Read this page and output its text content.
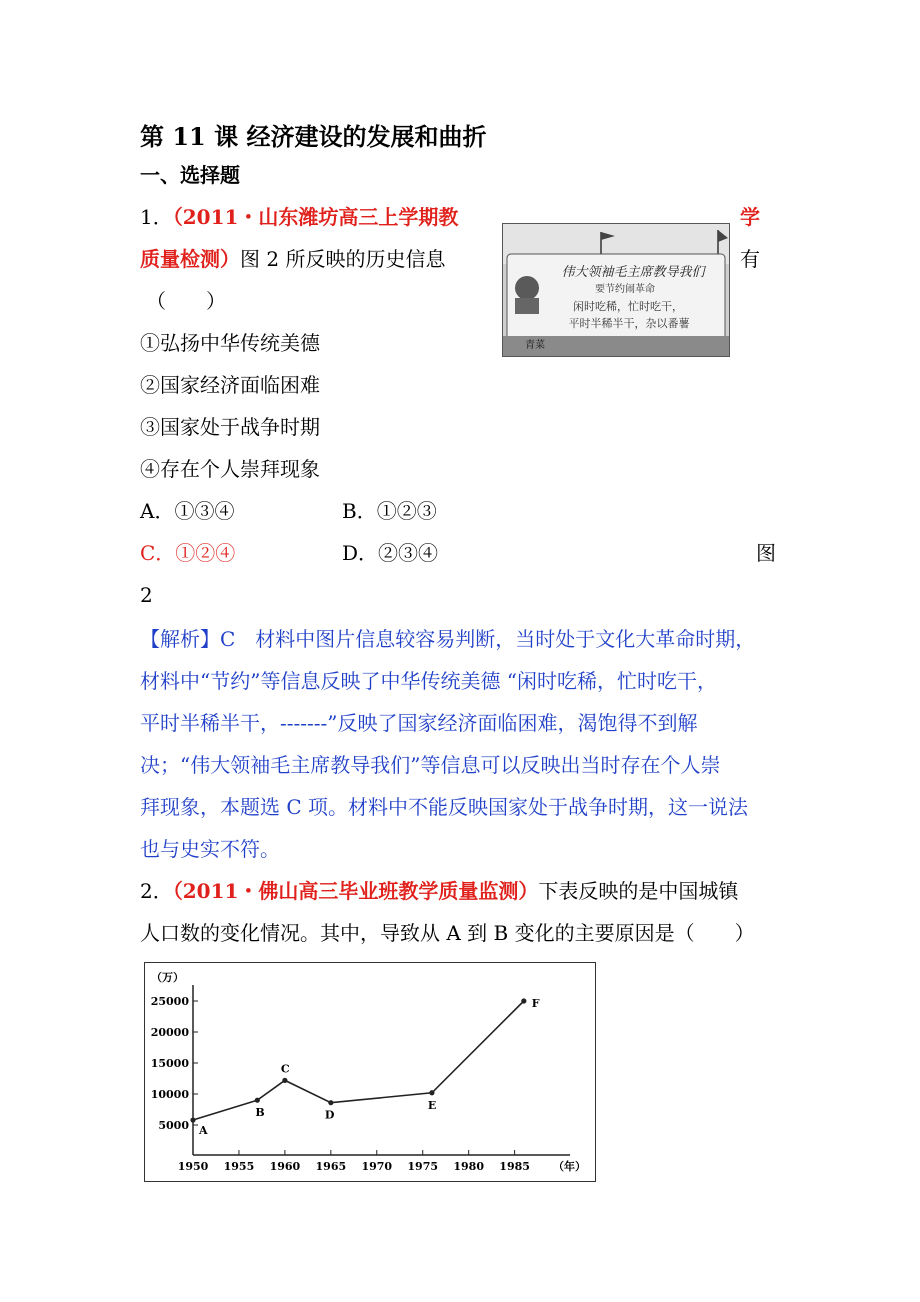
第 11 课 经济建设的发展和曲折
一、选择题
1．（2011・山东潍坊高三上学期教	学
质量检测）图 2 所反映的历史信息	有
（　　）
①弘扬中华传统美德
②国家经济面临困难
③国家处于战争时期
④存在个人崇拜现象
A．①③④	B．①②③
C．①②④	D．②③④	图
2
伟大领袖毛主席教导我们
要节约闹革命
闲时吃稀，忙时吃干，
平时半稀半干，杂以番薯
青菜
【解析】C　材料中图片信息较容易判断，当时处于文化大革命时期，
材料中“节约”等信息反映了中华传统美德 “闲时吃稀，忙时吃干，
平时半稀半干，-------”反映了国家经济面临困难，渴饱得不到解
决；“伟大领袖毛主席教导我们”等信息可以反映出当时存在个人崇
拜现象，本题选 C 项。材料中不能反映国家处于战争时期，这一说法
也与史实不符。
2．（2011・佛山高三毕业班教学质量监测）下表反映的是中国城镇
人口数的变化情况。其中，导致从 A 到 B 变化的主要原因是（　　）
5000
10000
15000
20000
25000
1950 1955 1960 1965 1970 1975 1980 1985
A
B
C
D
E
F
（万）
（年）
